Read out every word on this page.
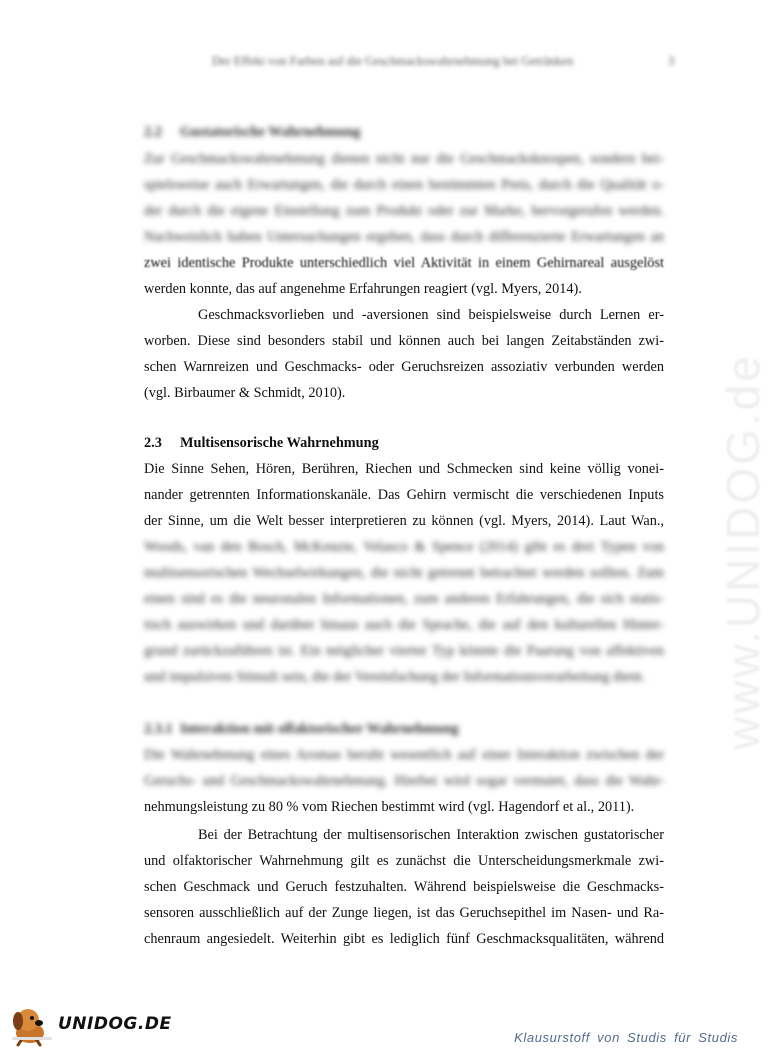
Der Effekt von Farben auf die Geschmackswahrnehmung bei Getränken	3
2.2 Gustatorische Wahrnehmung
Zur Geschmackswahrnehmung dienen nicht nur die Geschmacksknospen, sondern bei-
spielsweise auch Erwartungen, die durch einen bestimmten Preis, durch die Qualität o-
der durch die eigene Einstellung zum Produkt oder zur Marke, hervorgerufen werden.
Nachweislich haben Untersuchungen ergeben, dass durch differenzierte Erwartungen an
zwei identische Produkte unterschiedlich viel Aktivität in einem Gehirnareal ausgelöst
werden konnte, das auf angenehme Erfahrungen reagiert (vgl. Myers, 2014).
Geschmacksvorlieben und -aversionen sind beispielsweise durch Lernen er-
worben. Diese sind besonders stabil und können auch bei langen Zeitabständen zwi-
schen Warnreizen und Geschmacks- oder Geruchsreizen assoziativ verbunden werden
(vgl. Birbaumer & Schmidt, 2010).
2.3 Multisensorische Wahrnehmung
Die Sinne Sehen, Hören, Berühren, Riechen und Schmecken sind keine völlig vonei-
nander getrennten Informationskanäle. Das Gehirn vermischt die verschiedenen Inputs
der Sinne, um die Welt besser interpretieren zu können (vgl. Myers, 2014). Laut Wan.,
Woods, van den Bosch, McKenzie, Velasco & Spence (2014) gibt es drei Typen von
multisensorischen Wechselwirkungen, die nicht getrennt betrachtet werden sollten. Zum
einen sind es die neuronalen Informationen, zum anderen Erfahrungen, die sich statis-
tisch auswirken und darüber hinaus auch die Sprache, die auf den kulturellen Hinter-
grund zurückzuführen ist. Ein möglicher vierter Typ könnte die Paarung von affektiven
und impulsiven Stimuli sein, die der Vereinfachung der Informationsverarbeitung dient.
2.3.1 Interaktion mit olfaktorischer Wahrnehmung
Die Wahrnehmung eines Aromas beruht wesentlich auf einer Interaktion zwischen der
Geruchs- und Geschmackswahrnehmung. Hierbei wird sogar vermutet, dass die Wahr-
nehmungsleistung zu 80 % vom Riechen bestimmt wird (vgl. Hagendorf et al., 2011).
Bei der Betrachtung der multisensorischen Interaktion zwischen gustatorischer
und olfaktorischer Wahrnehmung gilt es zunächst die Unterscheidungsmerkmale zwi-
schen Geschmack und Geruch festzuhalten. Während beispielsweise die Geschmacks-
sensoren ausschließlich auf der Zunge liegen, ist das Geruchsepithel im Nasen- und Ra-
chenraum angesiedelt. Weiterhin gibt es lediglich fünf Geschmacksqualitäten, während
www.UNIDOG.de
UNIDOG.DE
Klausurstoff von Studis für Studis
